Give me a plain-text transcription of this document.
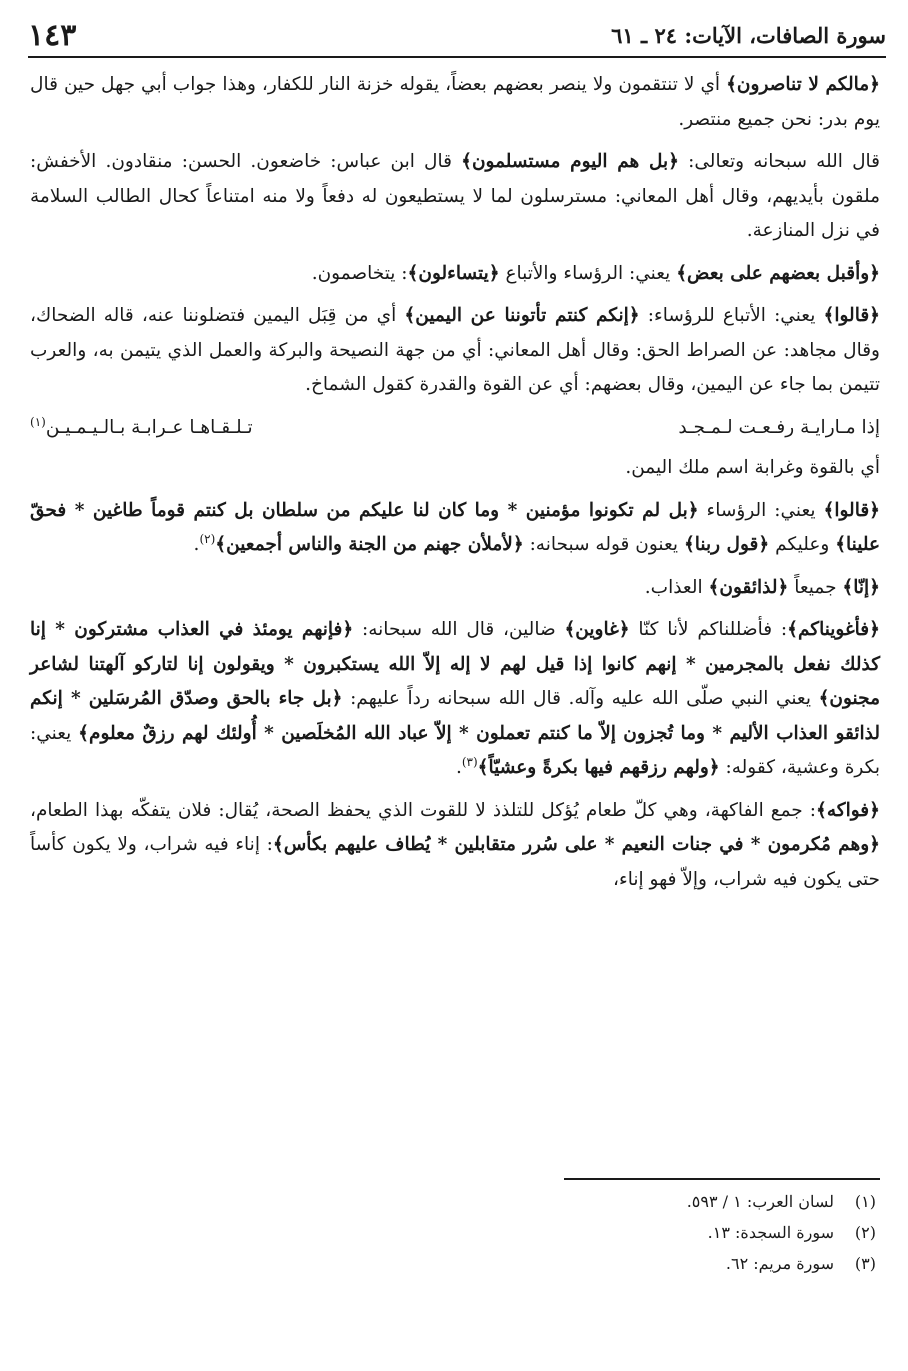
سورة الصافات، الآيات: ٢٤ ـ ٦١
١٤٣

﴿مالكم لا تناصرون﴾ أي لا تنتقمون ولا ينصر بعضهم بعضاً، يقوله خزنة النار للكفار، وهذا جواب أبي جهل حين قال يوم بدر: نحن جميع منتصر.

قال الله سبحانه وتعالى: ﴿بل هم اليوم مستسلمون﴾ قال ابن عباس: خاضعون. الحسن: منقادون. الأخفش: ملقون بأيديهم، وقال أهل المعاني: مسترسلون لما لا يستطيعون له دفعاً ولا منه امتناعاً كحال الطالب السلامة في نزل المنازعة.

﴿وأقبل بعضهم على بعض﴾ يعني: الرؤساء والأتباع ﴿يتساءلون﴾: يتخاصمون.

﴿قالوا﴾ يعني: الأتباع للرؤساء: ﴿إنكم كنتم تأتوننا عن اليمين﴾ أي من قِبَل اليمين فتضلوننا عنه، قاله الضحاك، وقال مجاهد: عن الصراط الحق: وقال أهل المعاني: أي من جهة النصيحة والبركة والعمل الذي يتيمن به، والعرب تتيمن بما جاء عن اليمين، وقال بعضهم: أي عن القوة والقدرة كقول الشماخ.

إذا مـارايـة رفـعـت لـمـجـد
تـلـقـاهـا عـرابـة بـالـيـمـيـن$^{(١)}$

أي بالقوة وغرابة اسم ملك اليمن.

﴿قالوا﴾ يعني: الرؤساء ﴿بل لم تكونوا مؤمنين * وما كان لنا عليكم من سلطان بل كنتم قوماً طاغين * فحقّ علينا﴾ وعليكم ﴿قول ربنا﴾ يعنون قوله سبحانه: ﴿لأملأن جهنم من الجنة والناس أجمعين﴾$^{(٢)}$.

﴿إنّا﴾ جميعاً ﴿لذائقون﴾ العذاب.

﴿فأغويناكم﴾: فأضللناكم لأنا كنّا ﴿غاوين﴾ ضالين، قال الله سبحانه: ﴿فإنهم يومئذ في العذاب مشتركون * إنا كذلك نفعل بالمجرمين * إنهم كانوا إذا قيل لهم لا إله إلاّ الله يستكبرون * ويقولون إنا لتاركو آلهتنا لشاعر مجنون﴾ يعني النبي صلّى الله عليه وآله. قال الله سبحانه رداً عليهم: ﴿بل جاء بالحق وصدّق المُرسَلين * إنكم لذائقو العذاب الأليم * وما تُجزون إلاّ ما كنتم تعملون * إلاّ عباد الله المُخلَصين * أُولئك لهم رزقٌ معلوم﴾ يعني: بكرة وعشية، كقوله: ﴿ولهم رزقهم فيها بكرةً وعشيّاً﴾$^{(٣)}$.

﴿فواكه﴾: جمع الفاكهة، وهي كلّ طعام يُؤكل للتلذذ لا للقوت الذي يحفظ الصحة، يُقال: فلان يتفكّه بهذا الطعام، ﴿وهم مُكرمون * في جنات النعيم * على سُرر متقابلين * يُطاف عليهم بكأس﴾: إناء فيه شراب، ولا يكون كأساً حتى يكون فيه شراب، وإلاّ فهو إناء،

(١)
لسان العرب: ١ / ٥٩٣.
(٢)
سورة السجدة: ١٣.
(٣)
سورة مريم: ٦٢.
